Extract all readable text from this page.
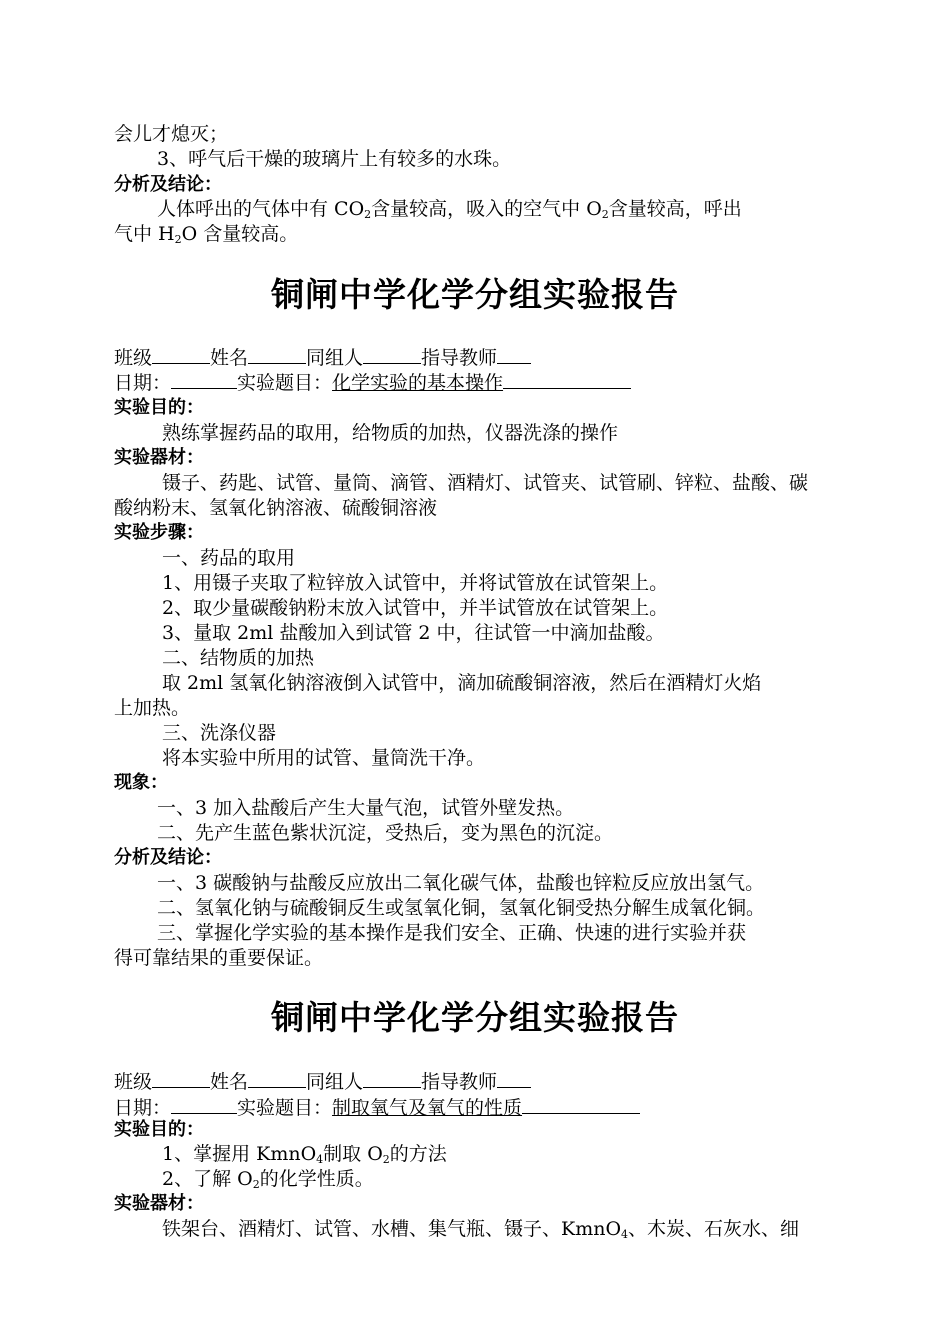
会儿才熄灭；
3、呼气后干燥的玻璃片上有较多的水珠。
分析及结论：
人体呼出的气体中有 $CO_2$含量较高，吸入的空气中 $O_2$含量较高，呼出
气中 $H_2O$ 含量较高。
铜闸中学化学分组实验报告
班级	姓名	同组人	指导教师
日期：	实验题目：化学实验的基本操作
实验目的：
熟练掌握药品的取用，给物质的加热，仪器洗涤的操作
实验器材：
镊子、药匙、试管、量筒、滴管、酒精灯、试管夹、试管刷、锌粒、盐酸、碳
酸纳粉末、氢氧化钠溶液、硫酸铜溶液
实验步骤：
一、药品的取用
1、用镊子夹取了粒锌放入试管中，并将试管放在试管架上。
2、取少量碳酸钠粉末放入试管中，并半试管放在试管架上。
3、量取 2ml 盐酸加入到试管 2 中，往试管一中滴加盐酸。
二、结物质的加热
取 2ml 氢氧化钠溶液倒入试管中，滴加硫酸铜溶液，然后在酒精灯火焰
上加热。
三、洗涤仪器
将本实验中所用的试管、量筒洗干净。
现象：
一、3 加入盐酸后产生大量气泡，试管外壁发热。
二、先产生蓝色紫状沉淀，受热后，变为黑色的沉淀。
分析及结论：
一、3 碳酸钠与盐酸反应放出二氧化碳气体，盐酸也锌粒反应放出氢气。
二、氢氧化钠与硫酸铜反生或氢氧化铜，氢氧化铜受热分解生成氧化铜。
三、掌握化学实验的基本操作是我们安全、正确、快速的进行实验并获
得可靠结果的重要保证。
铜闸中学化学分组实验报告
班级	姓名	同组人	指导教师
日期：	实验题目：制取氧气及氧气的性质
实验目的：
1、掌握用 KmnO$_4$制取 $O_2$的方法
2、了解 $O_2$的化学性质。
实验器材：
铁架台、酒精灯、试管、水槽、集气瓶、镊子、KmnO$_4$、木炭、石灰水、细
